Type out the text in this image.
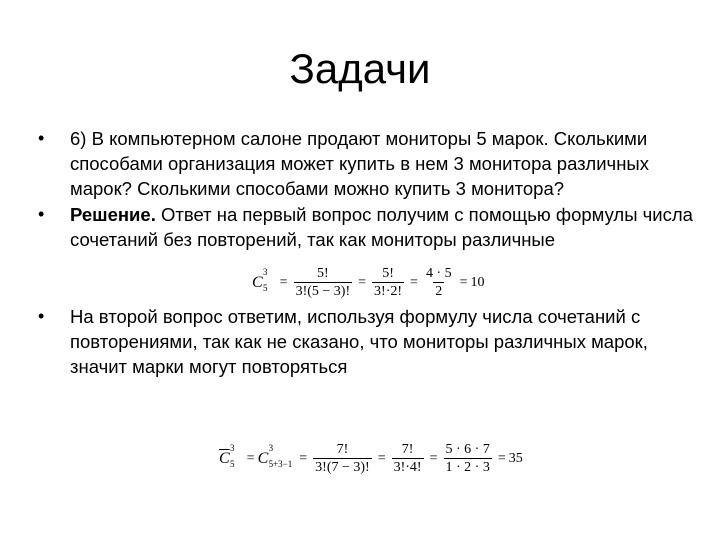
Задачи
•	6) В компьютерном салоне продают мониторы 5 марок. Сколькими способами организация может купить в нем 3 монитора различных марок? Сколькими способами можно купить 3 монитора?
•	Решение. Ответ на первый вопрос получим с помощью формулы числа сочетаний без повторений, так как мониторы различные
•	На второй вопрос ответим, используя формулу числа сочетаний с повторениями, так как не сказано, что мониторы различных марок, значит марки могут повторяться
C
3
$5 = \frac{5!}{3!(5 - 3)!} = \frac{5!}{3!\cdot 2!} = \frac{4 \cdot 5}{2} = 10$
C
3
5 = C
3
$5+3-1 = \frac{7!}{3!(7 - 3)!} = \frac{7!}{3!\cdot 4!} = \frac{5 \cdot 6 \cdot 7}{1 \cdot 2 \cdot 3} = 35$
